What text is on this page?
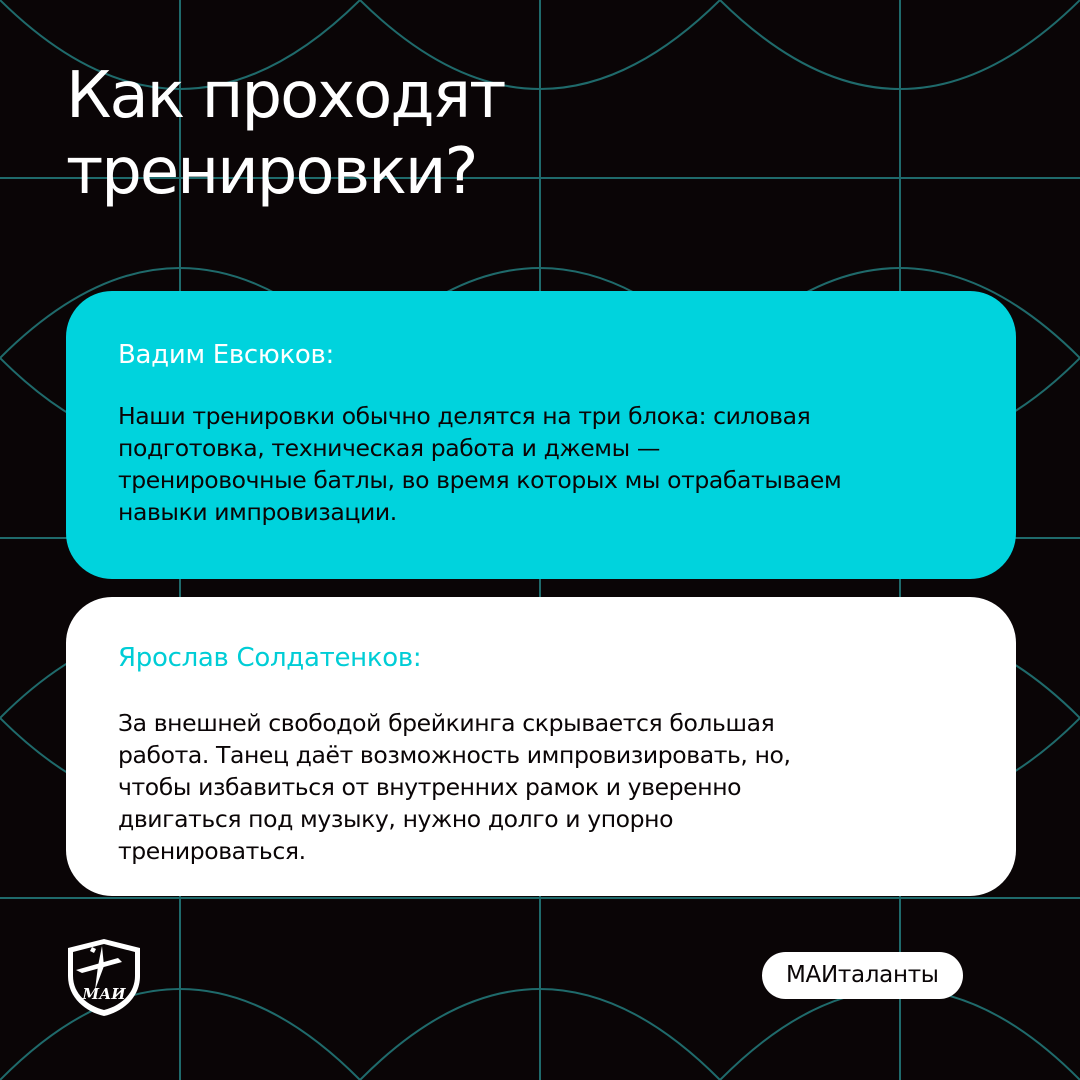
Как проходят
тренировки?

Вадим Евсюков:

Наши тренировки обычно делятся на три блока: силовая
подготовка, техническая работа и джемы —
тренировочные батлы, во время которых мы отрабатываем
навыки импровизации.

Ярослав Солдатенков:

За внешней свободой брейкинга скрывается большая
работа. Танец даёт возможность импровизировать, но,
чтобы избавиться от внутренних рамок и уверенно
двигаться под музыку, нужно долго и упорно
тренироваться.

МАИ
МАИталанты
